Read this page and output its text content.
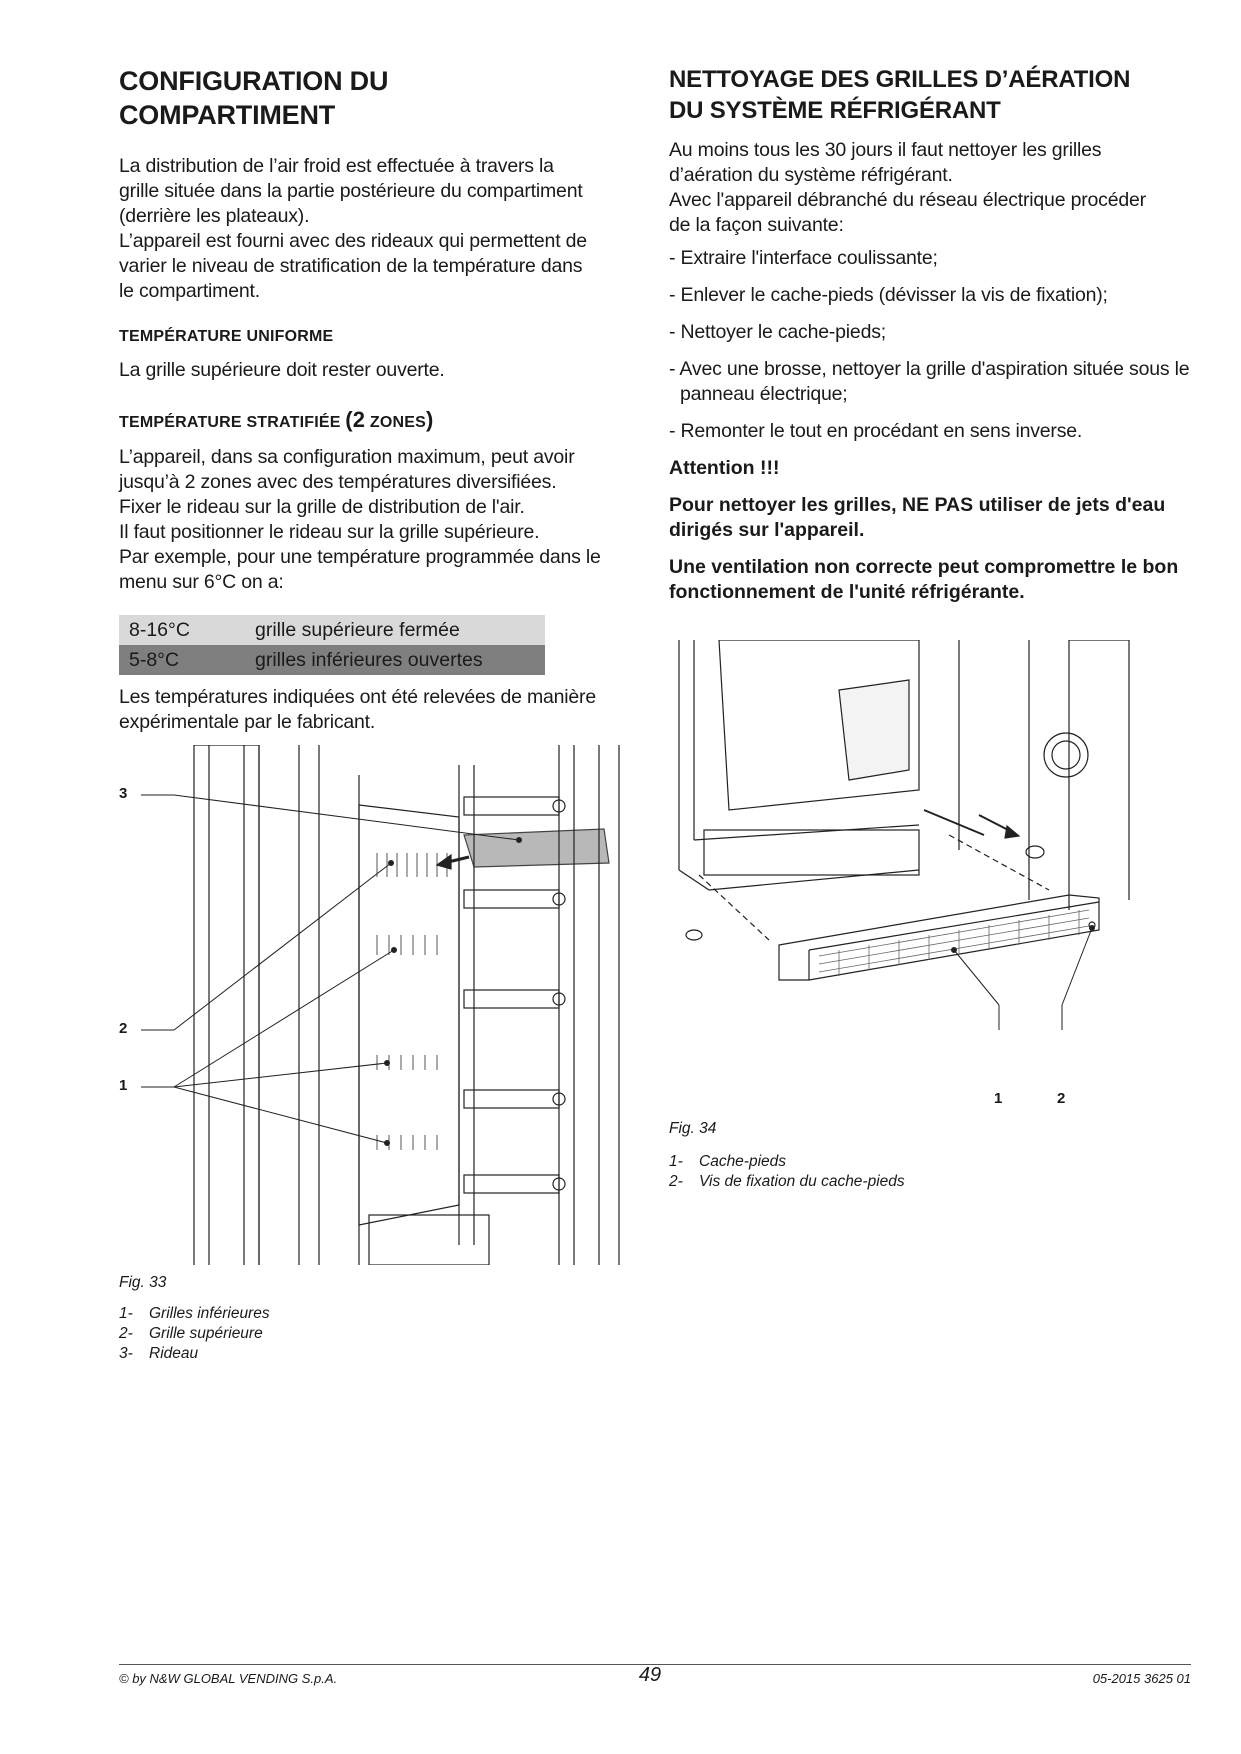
CONFIGURATION DU
COMPARTIMENT

La distribution de l’air froid est effectuée à travers la
grille située dans la partie postérieure du compartiment
(derrière les plateaux).
L’appareil est fourni avec des rideaux qui permettent de
varier le niveau de stratification de la température dans
le compartiment.

TEMPÉRATURE UNIFORME

La grille supérieure doit rester ouverte.

TEMPÉRATURE STRATIFIÉE (2 ZONES)

L’appareil, dans sa configuration maximum, peut avoir
jusqu’à 2 zones avec des températures diversifiées.
Fixer le rideau sur la grille de distribution de l'air.
Il faut positionner le rideau sur la grille supérieure.
Par exemple, pour une température programmée dans le
menu sur 6°C on a:

8-16°C	grille supérieure fermée
5-8°C	grilles inférieures ouvertes

Les températures indiquées ont été relevées de manière
expérimentale par le fabricant.

3
2
1
Fig. 33
1- Grilles inférieures
2- Grille supérieure
3- Rideau
NETTOYAGE DES GRILLES D’AÉRATION
DU SYSTÈME RÉFRIGÉRANT

Au moins tous les 30 jours il faut nettoyer les grilles
d’aération du système réfrigérant.
Avec l'appareil débranché du réseau électrique procéder
de la façon suivante:

- Extraire l'interface coulissante;
- Enlever le cache-pieds (dévisser la vis de fixation);
- Nettoyer le cache-pieds;
- Avec une brosse, nettoyer la grille d'aspiration située sous le panneau électrique;
- Remonter le tout en procédant en sens inverse.
Attention !!!
Pour nettoyer les grilles, NE PAS utiliser de jets d'eau dirigés sur l'appareil.
Une ventilation non correcte peut compromettre le bon fonctionnement de l'unité réfrigérante.
1	2
Fig. 34
1- Cache-pieds
2- Vis de fixation du cache-pieds
© by N&W GLOBAL VENDING S.p.A.	49	05-2015 3625 01
